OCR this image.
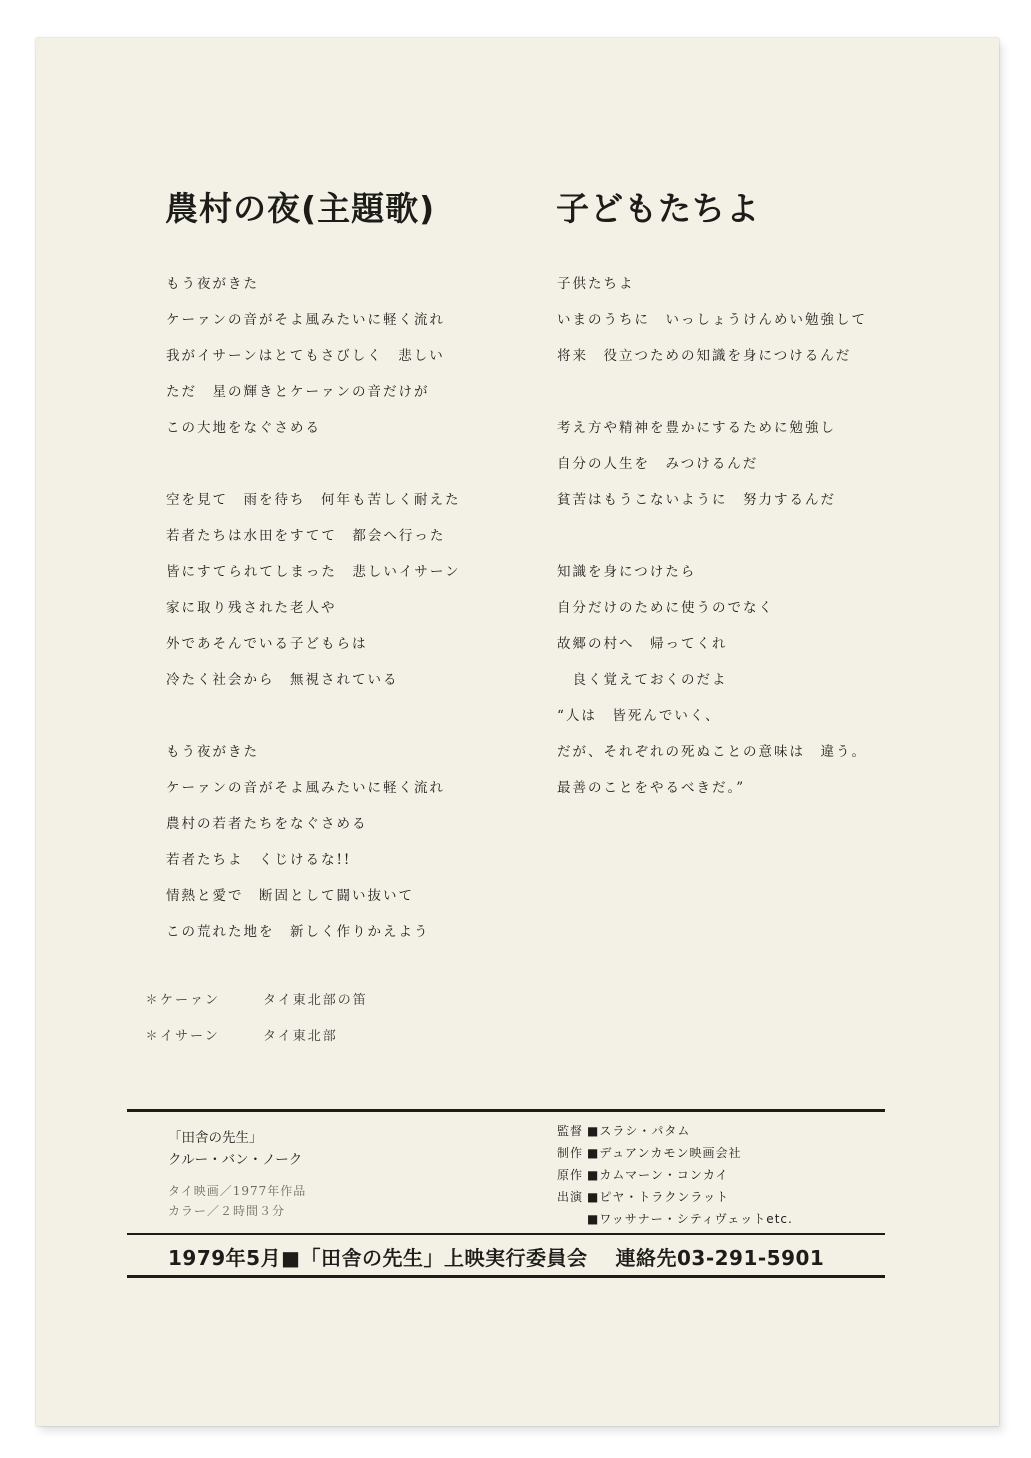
農村の夜(主題歌)
もう夜がきた
ケーァンの音がそよ風みたいに軽く流れ
我がイサーンはとてもさびしく　悲しい
ただ　星の輝きとケーァンの音だけが
この大地をなぐさめる
空を見て　雨を待ち　何年も苦しく耐えた
若者たちは水田をすてて　都会へ行った
皆にすてられてしまった　悲しいイサーン
家に取り残された老人や
外であそんでいる子どもらは
冷たく社会から　無視されている
もう夜がきた
ケーァンの音がそよ風みたいに軽く流れ
農村の若者たちをなぐさめる
若者たちよ　くじけるな!!
情熱と愛で　断固として闘い抜いて
この荒れた地を　新しく作りかえよう
子どもたちよ
子供たちよ
いまのうちに　いっしょうけんめい勉強して
将来　役立つための知識を身につけるんだ
考え方や精神を豊かにするために勉強し
自分の人生を　みつけるんだ
貧苦はもうこないように　努力するんだ
知識を身につけたら
自分だけのために使うのでなく
故郷の村へ　帰ってくれ
　良く覚えておくのだよ
“人は　皆死んでいく、
だが、それぞれの死ぬことの意味は　違う。
最善のことをやるべきだ。”
✽ケーァン	タイ東北部の笛
✽イサーン	タイ東北部
「田舎の先生」
クルー・バン・ノーク
タイ映画／1977年作品
カラー／２時間３分
監督 ■スラシ・パタム
制作 ■デュアンカモン映画会社
原作 ■カムマーン・コンカイ
出演 ■ピヤ・トラクンラット
■ワッサナー・シティヴェットetc.
1979年5月■「田舎の先生」上映実行委員会 連絡先03-291-5901
